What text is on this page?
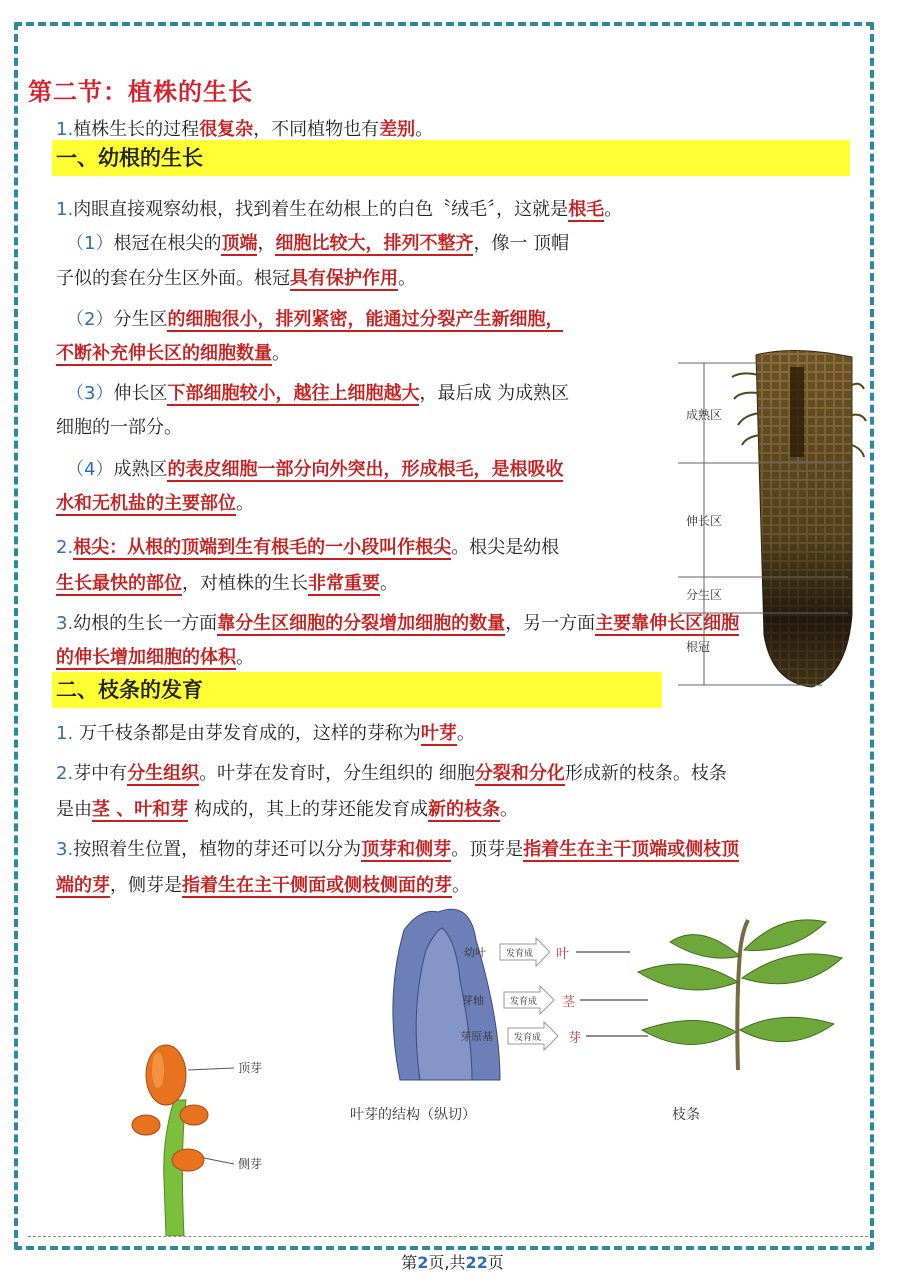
第二节：植株的生长
1.植株生长的过程很复杂，不同植物也有差别。
一、幼根的生长
1.肉眼直接观察幼根，找到着生在幼根上的白色〝绒毛〞，这就是根毛。
（1）根冠在根尖的顶端，细胞比较大，排列不整齐，像一 顶帽
子似的套在分生区外面。根冠具有保护作用。
（2）分生区的细胞很小，排列紧密，能通过分裂产生新细胞，
不断补充伸长区的细胞数量。
（3）伸长区下部细胞较小，越往上细胞越大，最后成 为成熟区
细胞的一部分。
（4）成熟区的表皮细胞一部分向外突出，形成根毛，是根吸收
水和无机盐的主要部位。
2.根尖：从根的顶端到生有根毛的一小段叫作根尖。根尖是幼根
生长最快的部位，对植株的生长非常重要。
3.幼根的生长一方面靠分生区细胞的分裂增加细胞的数量，另一方面主要靠伸长区细胞
成熟区
伸长区
分生区
根冠
的伸长增加细胞的体积。
二、枝条的发育
1. 万千枝条都是由芽发育成的，这样的芽称为叶芽。
2.芽中有分生组织。叶芽在发育时，分生组织的 细胞分裂和分化形成新的枝条。枝条
是由茎 、叶和芽 构成的，其上的芽还能发育成新的枝条。
3.按照着生位置，植物的芽还可以分为顶芽和侧芽。顶芽是指着生在主干顶端或侧枝顶
端的芽，侧芽是指着生在主干侧面或侧枝侧面的芽。
顶芽
侧芽
幼叶
芽轴
芽原基
发育成
发育成
发育成
叶
茎
芽
叶芽的结构（纵切）	枝条
第2页,共22页
